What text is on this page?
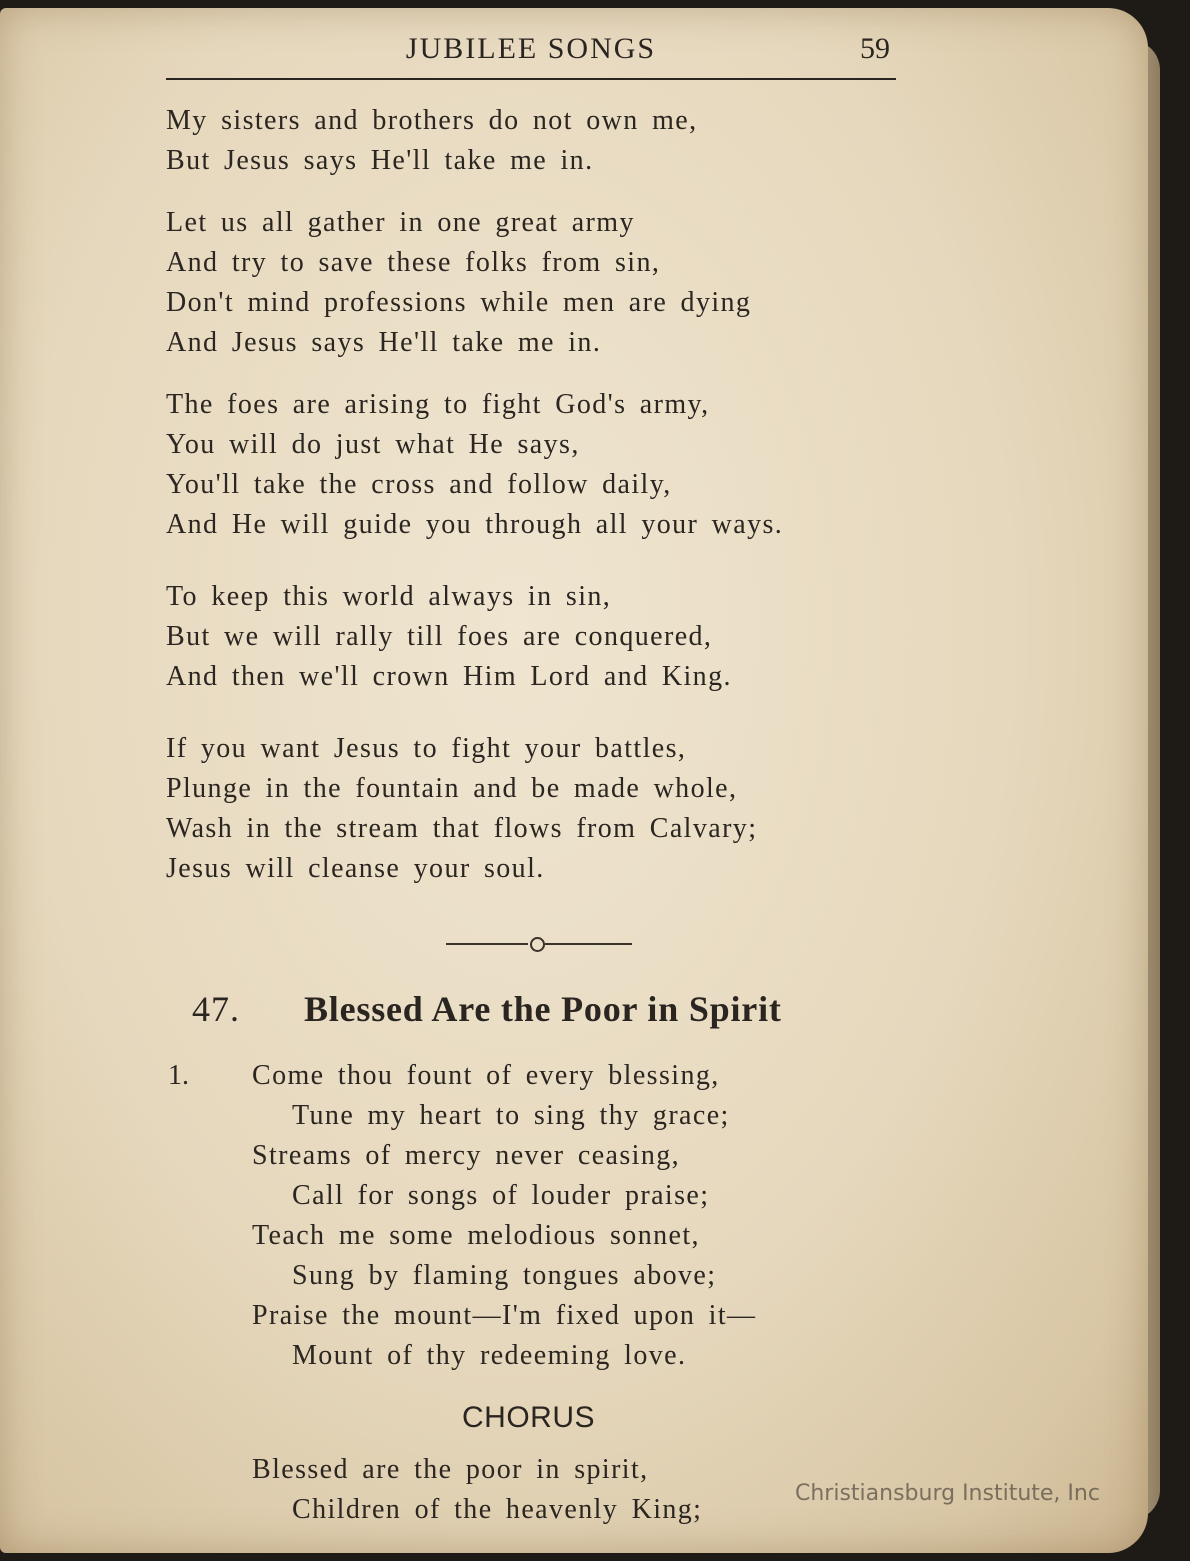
JUBILEE SONGS	59
My sisters and brothers do not own me,
But Jesus says He'll take me in.
Let us all gather in one great army
And try to save these folks from sin,
Don't mind professions while men are dying
And Jesus says He'll take me in.
The foes are arising to fight God's army,
You will do just what He says,
You'll take the cross and follow daily,
And He will guide you through all your ways.
To keep this world always in sin,
But we will rally till foes are conquered,
And then we'll crown Him Lord and King.
If you want Jesus to fight your battles,
Plunge in the fountain and be made whole,
Wash in the stream that flows from Calvary;
Jesus will cleanse your soul.
47. Blessed Are the Poor in Spirit
1. Come thou fount of every blessing,
Tune my heart to sing thy grace;
Streams of mercy never ceasing,
Call for songs of louder praise;
Teach me some melodious sonnet,
Sung by flaming tongues above;
Praise the mount—I'm fixed upon it—
Mount of thy redeeming love.
CHORUS
Blessed are the poor in spirit,
Children of the heavenly King;
Christiansburg Institute, Inc
